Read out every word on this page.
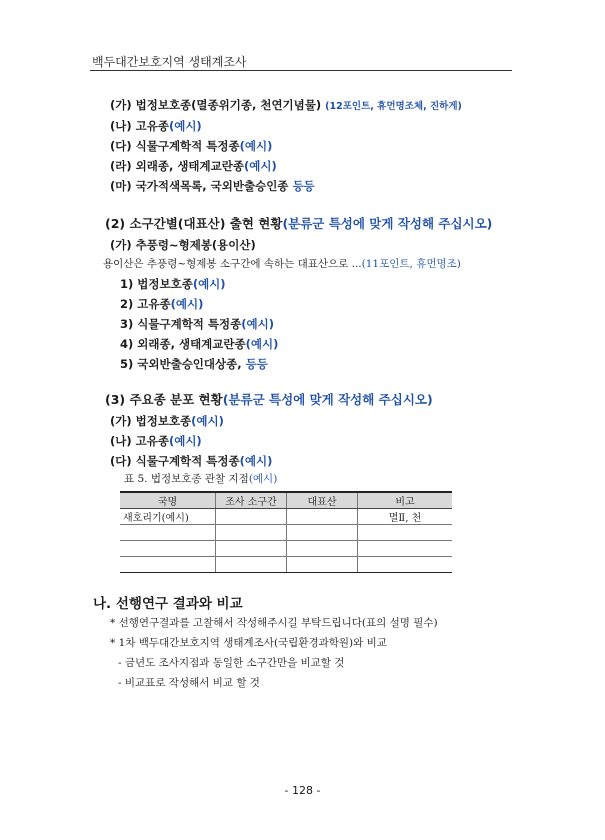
백두대간보호지역 생태계조사
(가) 법정보호종(멸종위기종, 천연기념물) (12포인트, 휴먼명조체, 진하게)
(나) 고유종(예시)
(다) 식물구계학적 특정종(예시)
(라) 외래종, 생태계교란종(예시)
(마) 국가적색목록, 국외반출승인종 등등
(2) 소구간별(대표산) 출현 현황(분류군 특성에 맞게 작성해 주십시오)
(가) 추풍령~형제봉(용이산)
용이산은 추풍령~형제봉 소구간에 속하는 대표산으로 ...(11포인트, 휴먼명조)
1) 법정보호종(예시)
2) 고유종(예시)
3) 식물구계학적 특정종(예시)
4) 외래종, 생태계교란종(예시)
5) 국외반출승인대상종, 등등
(3) 주요종 분포 현황(분류군 특성에 맞게 작성해 주십시오)
(가) 법정보호종(예시)
(나) 고유종(예시)
(다) 식물구계학적 특정종(예시)
표 5. 법정보호종 관찰 지점(예시)
국명	조사 소구간	대표산	비고
새호리기(예시)			멸Ⅱ, 천

나. 선행연구 결과와 비교
* 선행연구결과를 고찰해서 작성해주시길 부탁드립니다(표의 설명 필수)
* 1차 백두대간보호지역 생태계조사(국립환경과학원)와 비교
- 금년도 조사지점과 동일한 소구간만을 비교할 것
- 비교표로 작성해서 비교 할 것
- 128 -
